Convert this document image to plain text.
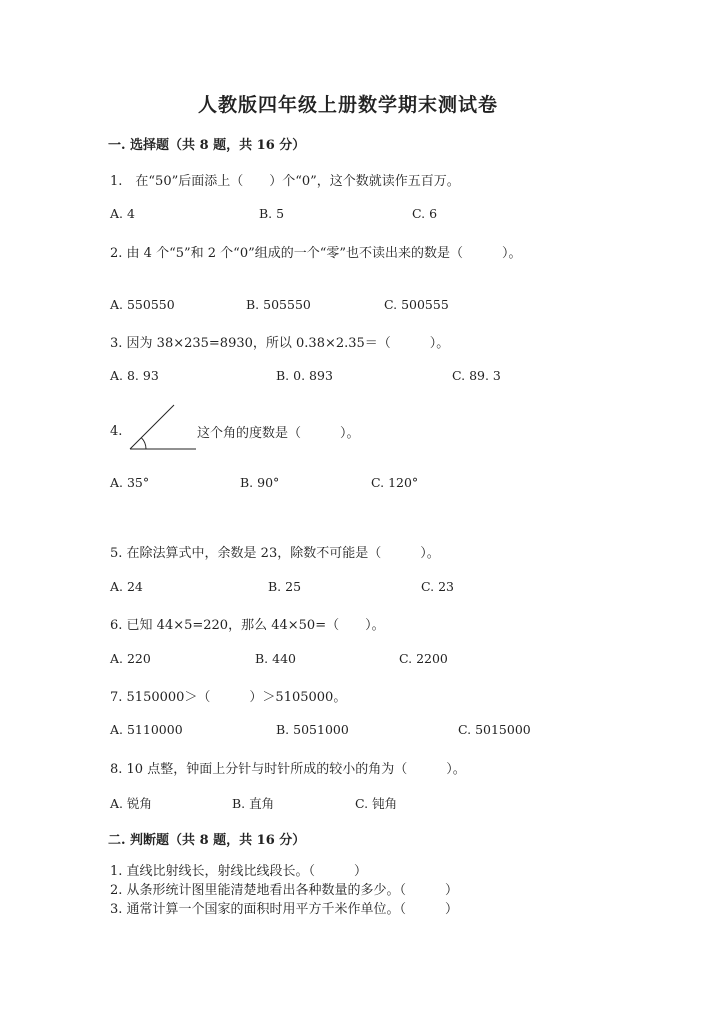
人教版四年级上册数学期末测试卷
一. 选择题（共 8 题，共 16 分）
1.　在“50”后面添上（　　）个“0”，这个数就读作五百万。
A. 4	B. 5	C. 6
2. 由 4 个“5”和 2 个“0”组成的一个“零”也不读出来的数是（　　　）。
A. 550550	B. 505550	C. 500555
3. 因为 38×235=8930，所以 0.38×2.35＝（　　　）。
A. 8. 93	B. 0. 893	C. 89. 3
4.	这个角的度数是（　　　）。
A. 35°	B. 90°	C. 120°
5. 在除法算式中，余数是 23，除数不可能是（　　　）。
A. 24	B. 25	C. 23
6. 已知 44×5=220，那么 44×50=（　　）。
A. 220	B. 440	C. 2200
7. 5150000＞（　　　）＞5105000。
A. 5110000	B. 5051000	C. 5015000
8. 10 点整，钟面上分针与时针所成的较小的角为（　　　）。
A. 锐角	B. 直角	C. 钝角
二. 判断题（共 8 题，共 16 分）
1. 直线比射线长，射线比线段长。（　　　）
2. 从条形统计图里能清楚地看出各种数量的多少。（　　　）
3. 通常计算一个国家的面积时用平方千米作单位。（　　　）
